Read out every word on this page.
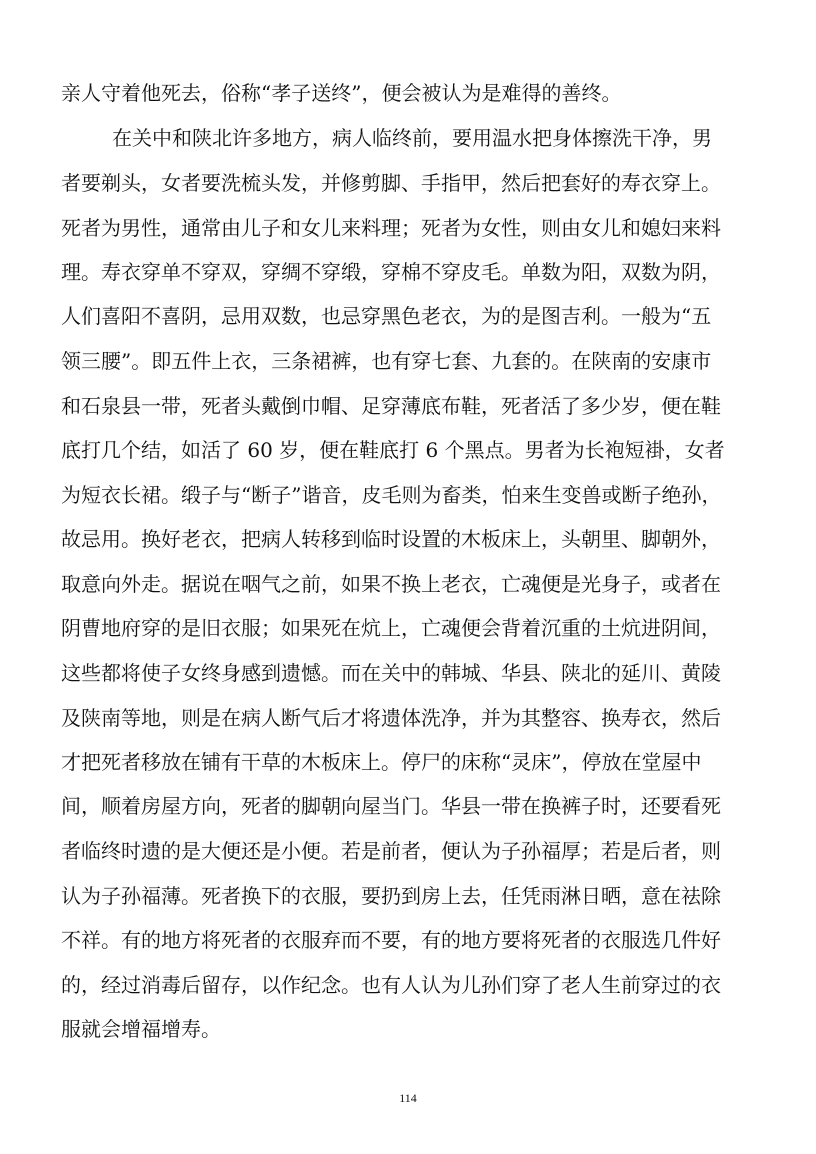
亲人守着他死去，俗称“孝子送终”，便会被认为是难得的善终。
在关中和陕北许多地方，病人临终前，要用温水把身体擦洗干净，男
者要剃头，女者要洗梳头发，并修剪脚、手指甲，然后把套好的寿衣穿上。
死者为男性，通常由儿子和女儿来料理；死者为女性，则由女儿和媳妇来料
理。寿衣穿单不穿双，穿绸不穿缎，穿棉不穿皮毛。单数为阳，双数为阴，
人们喜阳不喜阴，忌用双数，也忌穿黑色老衣，为的是图吉利。一般为“五
领三腰”。即五件上衣，三条裙裤，也有穿七套、九套的。在陕南的安康市
和石泉县一带，死者头戴倒巾帽、足穿薄底布鞋，死者活了多少岁，便在鞋
底打几个结，如活了 60 岁，便在鞋底打 6 个黑点。男者为长袍短褂，女者
为短衣长裙。缎子与“断子”谐音，皮毛则为畜类，怕来生变兽或断子绝孙，
故忌用。换好老衣，把病人转移到临时设置的木板床上，头朝里、脚朝外，
取意向外走。据说在咽气之前，如果不换上老衣，亡魂便是光身子，或者在
阴曹地府穿的是旧衣服；如果死在炕上，亡魂便会背着沉重的土炕进阴间，
这些都将使子女终身感到遗憾。而在关中的韩城、华县、陕北的延川、黄陵
及陕南等地，则是在病人断气后才将遗体洗净，并为其整容、换寿衣，然后
才把死者移放在铺有干草的木板床上。停尸的床称“灵床”，停放在堂屋中
间，顺着房屋方向，死者的脚朝向屋当门。华县一带在换裤子时，还要看死
者临终时遗的是大便还是小便。若是前者，便认为子孙福厚；若是后者，则
认为子孙福薄。死者换下的衣服，要扔到房上去，任凭雨淋日晒，意在祛除
不祥。有的地方将死者的衣服弃而不要，有的地方要将死者的衣服选几件好
的，经过消毒后留存，以作纪念。也有人认为儿孙们穿了老人生前穿过的衣
服就会增福增寿。
114
